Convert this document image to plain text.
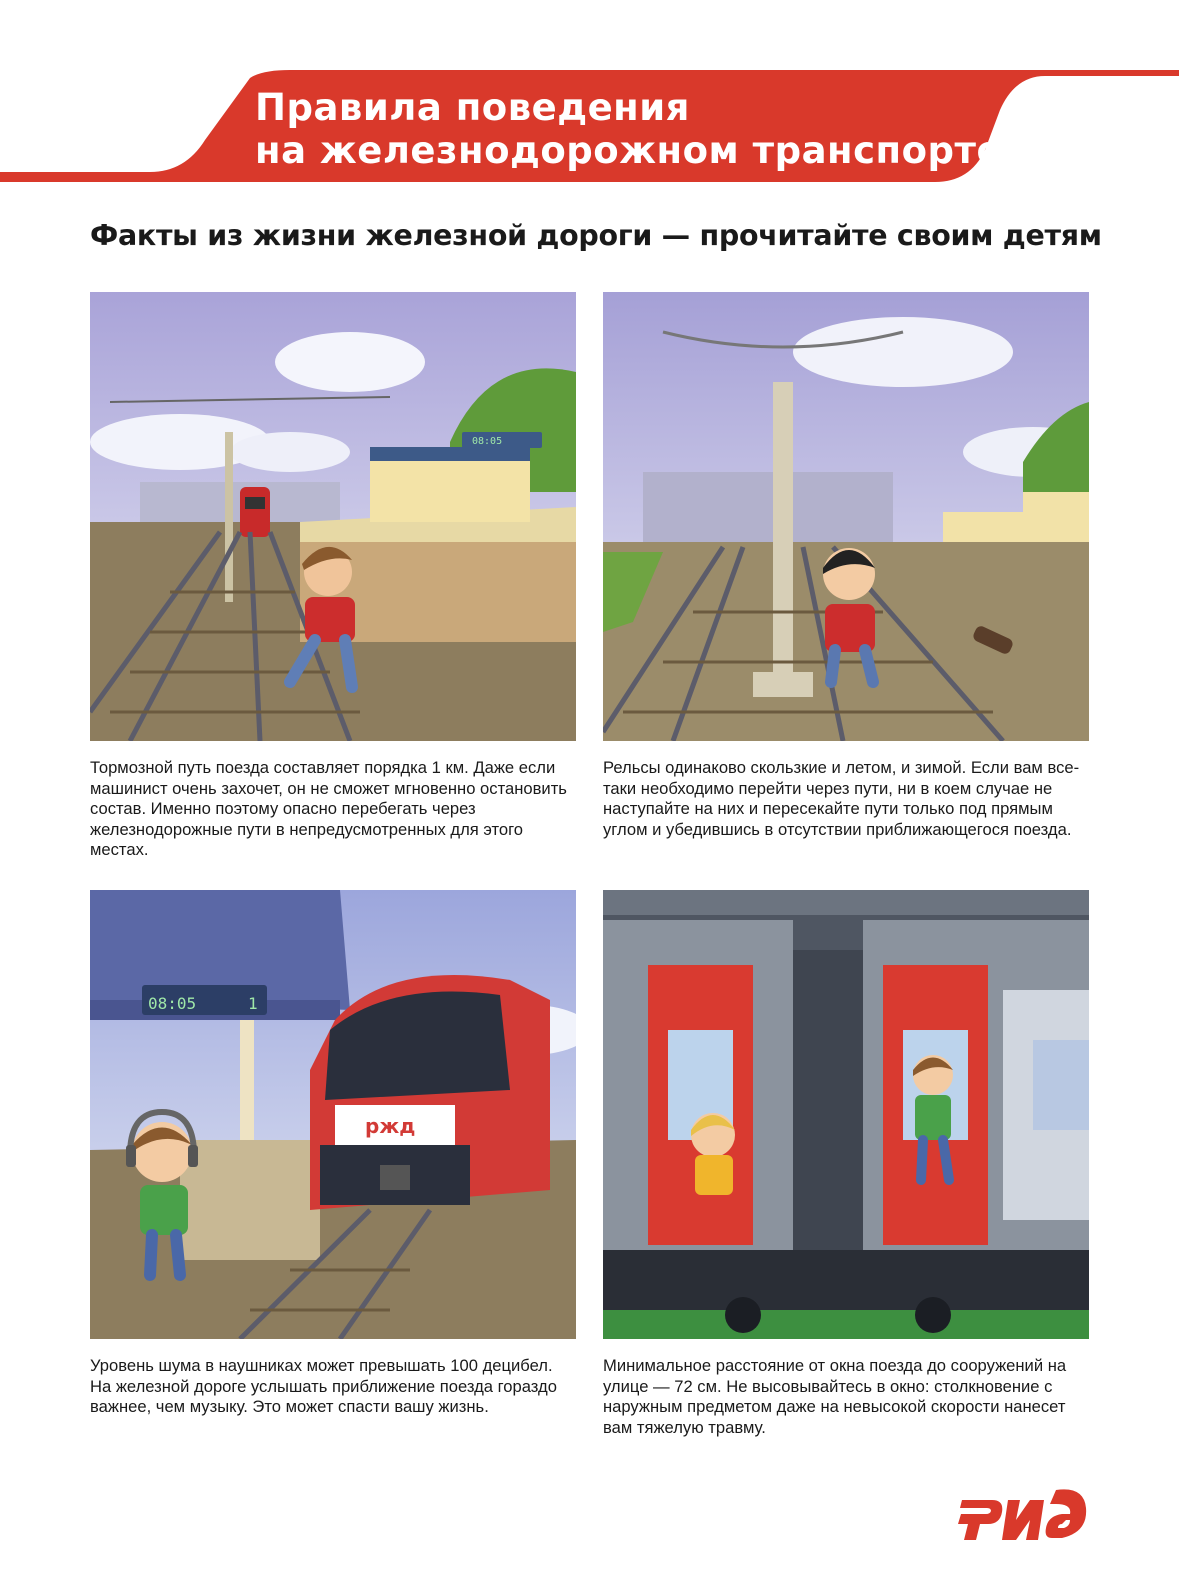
Правила поведения
на железнодорожном транспорте
Факты из жизни железной дороги — прочитайте своим детям
08:05

Тормозной путь поезда составляет порядка 1 км. Даже если машинист очень захочет, он не сможет мгновенно остановить состав. Именно поэтому опасно перебегать через железнодорожные пути в непредусмотренных для этого местах.

Рельсы одинаково скользкие и летом, и зимой. Если вам все-таки необходимо перейти через пути, ни в коем случае не наступайте на них и пересекайте пути только под прямым углом и убедившись в отсутствии приближающегося поезда.

08:05	1
ржд

Уровень шума в наушниках может превышать 100 децибел. На железной дороге услышать приближение поезда гораздо важнее, чем музыку. Это может спасти вашу жизнь.

Минимальное расстояние от окна поезда до сооружений на улице — 72 см. Не высовывайтесь в окно: столкновение с наружным предметом даже на невысокой скорости нанесет вам тяжелую травму.
